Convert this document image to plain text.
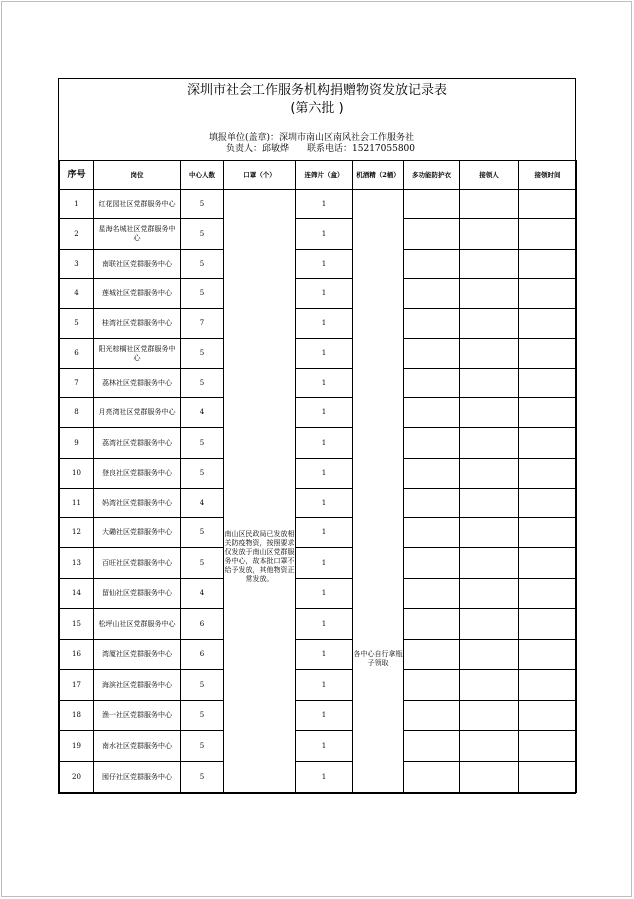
深圳市社会工作服务机构捐赠物资发放记录表
(第六批 )
填报单位(盖章)：深圳市南山区南风社会工作服务社
负责人：邱敏烨 联系电话：15217055800
序号	岗位	中心人数	口罩（个）	连筛片（盒）	机酒精（2桶）	多功能防护衣	接领人	接领时间
1	红花园社区党群服务中心	5	南山区民政局已发放相关防疫物资，按照要求仅发放于南山区党群服务中心，故本批口罩不给予发放，其他物资正常发放。	1	各中心自行拿瓶子领取			
2	星海名城社区党群服务中心	5		1				
3	南联社区党群服务中心	5		1				
4	莲城社区党群服务中心	5		1				
5	桂湾社区党群服务中心	7		1				
6	阳光棕榈社区党群服务中心	5		1				
7	荔林社区党群服务中心	5		1				
8	月亮湾社区党群服务中心	4		1				
9	荔湾社区党群服务中心	5		1				
10	登良社区党群服务中心	5		1				
11	妈湾社区党群服务中心	4		1				
12	大磡社区党群服务中心	5		1				
13	百旺社区党群服务中心	5		1				
14	留仙社区党群服务中心	4		1				
15	松坪山社区党群服务中心	6		1				
16	湾厦社区党群服务中心	6		1				
17	海滨社区党群服务中心	5		1				
18	渔一社区党群服务中心	5		1				
19	南水社区党群服务中心	5		1				
20	囤仔社区党群服务中心	5		1				
